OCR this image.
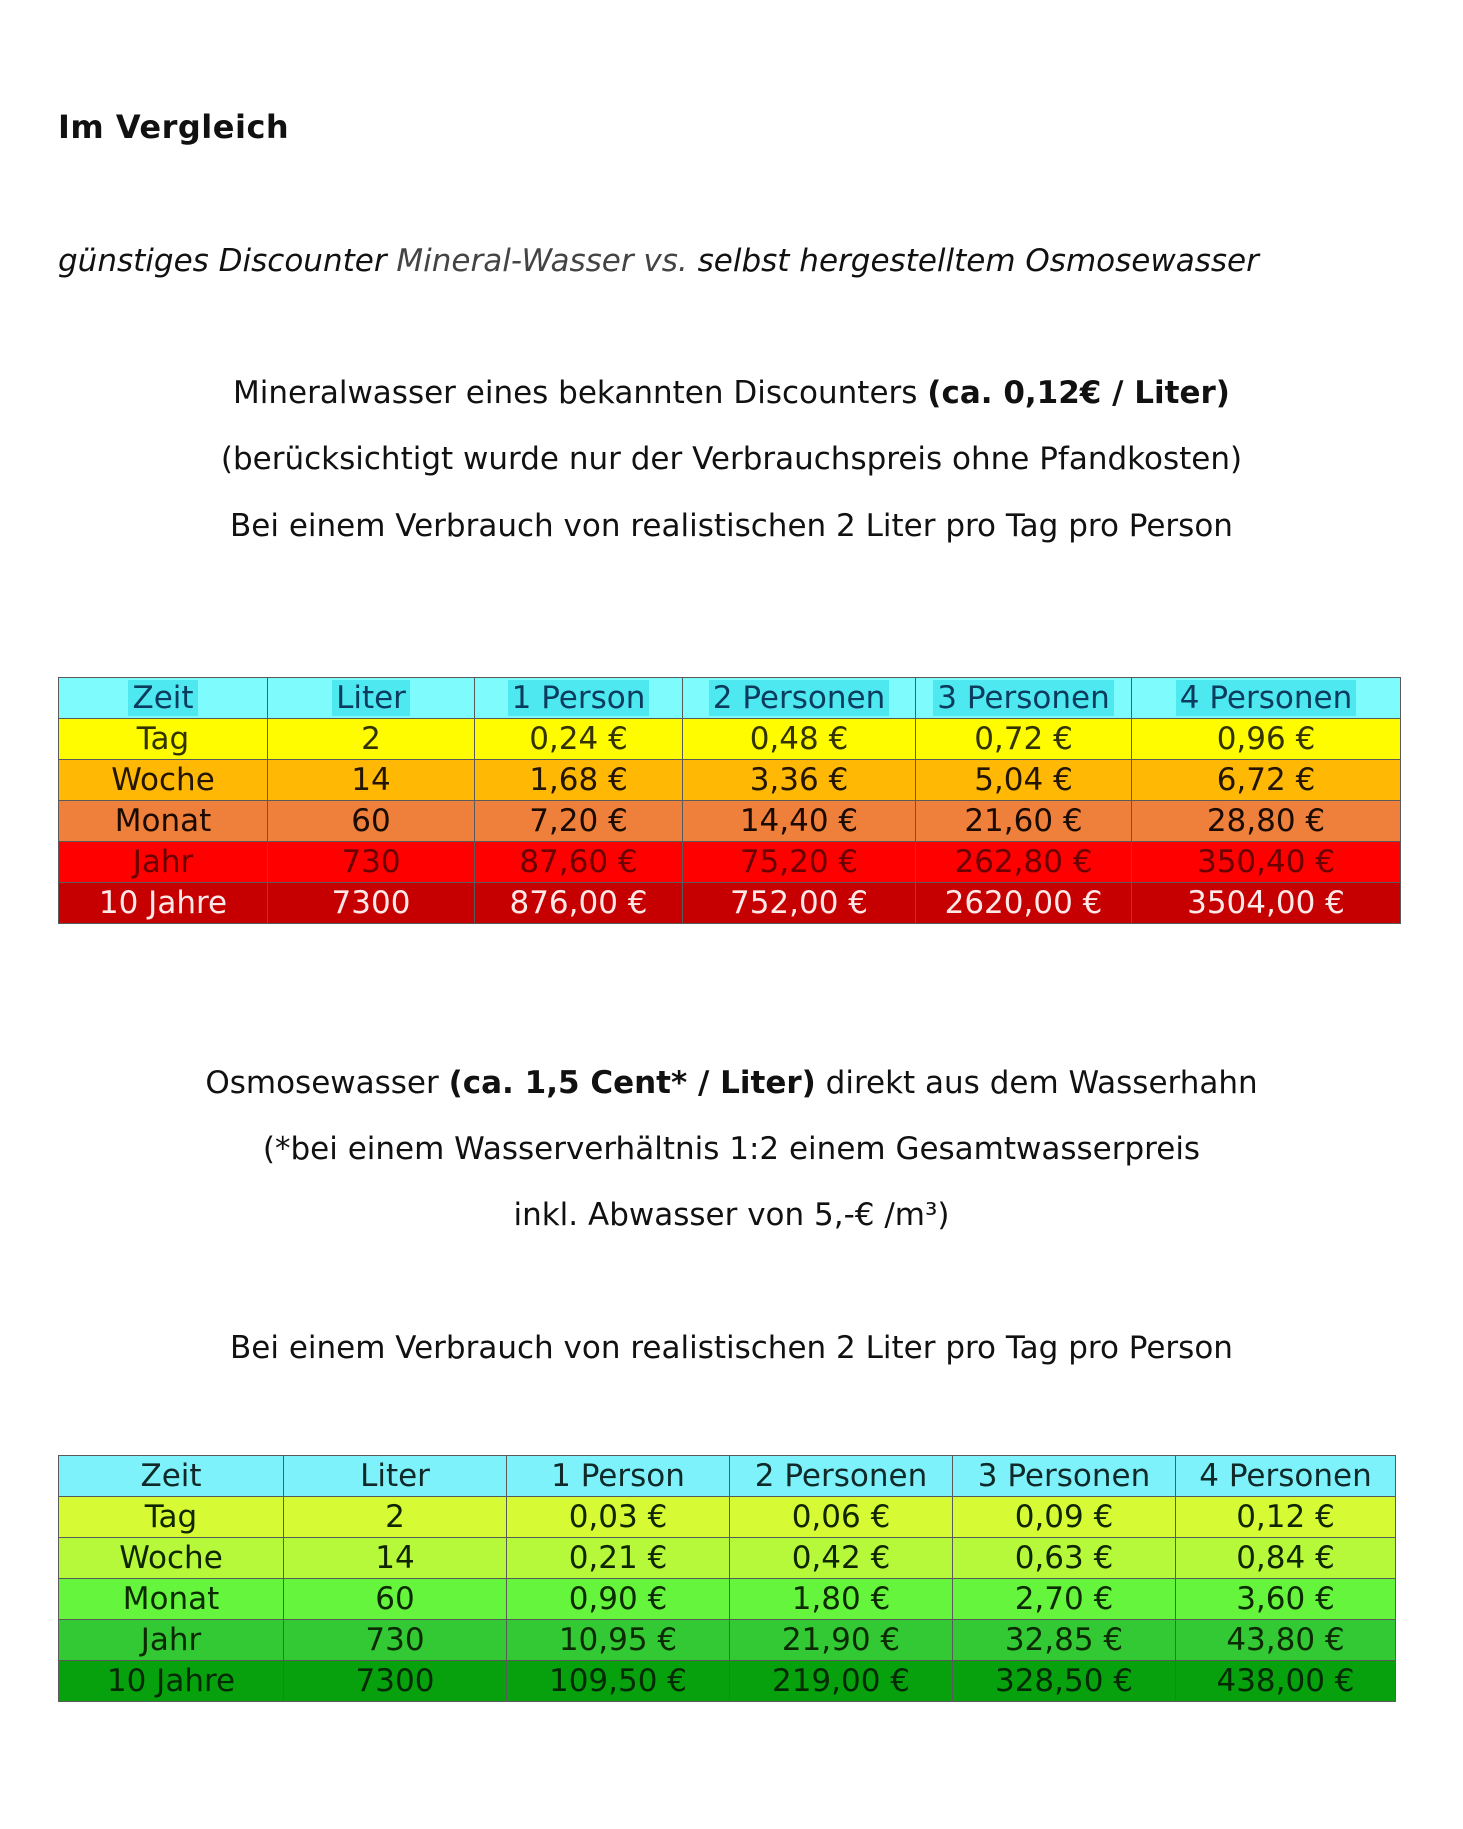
Im Vergleich
günstiges Discounter Mineral-Wasser vs. selbst hergestelltem Osmosewasser
Mineralwasser eines bekannten Discounters (ca. 0,12€ / Liter)
(berücksichtigt wurde nur der Verbrauchspreis ohne Pfandkosten)
Bei einem Verbrauch von realistischen 2 Liter pro Tag pro Person
Zeit	Liter	1 Person	2 Personen	3 Personen	4 Personen
Tag	2	0,24 €	0,48 €	0,72 €	0,96 €
Woche	14	1,68 €	3,36 €	5,04 €	6,72 €
Monat	60	7,20 €	14,40 €	21,60 €	28,80 €
Jahr	730	87,60 €	75,20 €	262,80 €	350,40 €
10 Jahre	7300	876,00 €	752,00 €	2620,00 €	3504,00 €
Osmosewasser (ca. 1,5 Cent* / Liter) direkt aus dem Wasserhahn
(*bei einem Wasserverhältnis 1:2 einem Gesamtwasserpreis
inkl. Abwasser von 5,-€ /m³)
Bei einem Verbrauch von realistischen 2 Liter pro Tag pro Person
Zeit	Liter	1 Person	2 Personen	3 Personen	4 Personen
Tag	2	0,03 €	0,06 €	0,09 €	0,12 €
Woche	14	0,21 €	0,42 €	0,63 €	0,84 €
Monat	60	0,90 €	1,80 €	2,70 €	3,60 €
Jahr	730	10,95 €	21,90 €	32,85 €	43,80 €
10 Jahre	7300	109,50 €	219,00 €	328,50 €	438,00 €
